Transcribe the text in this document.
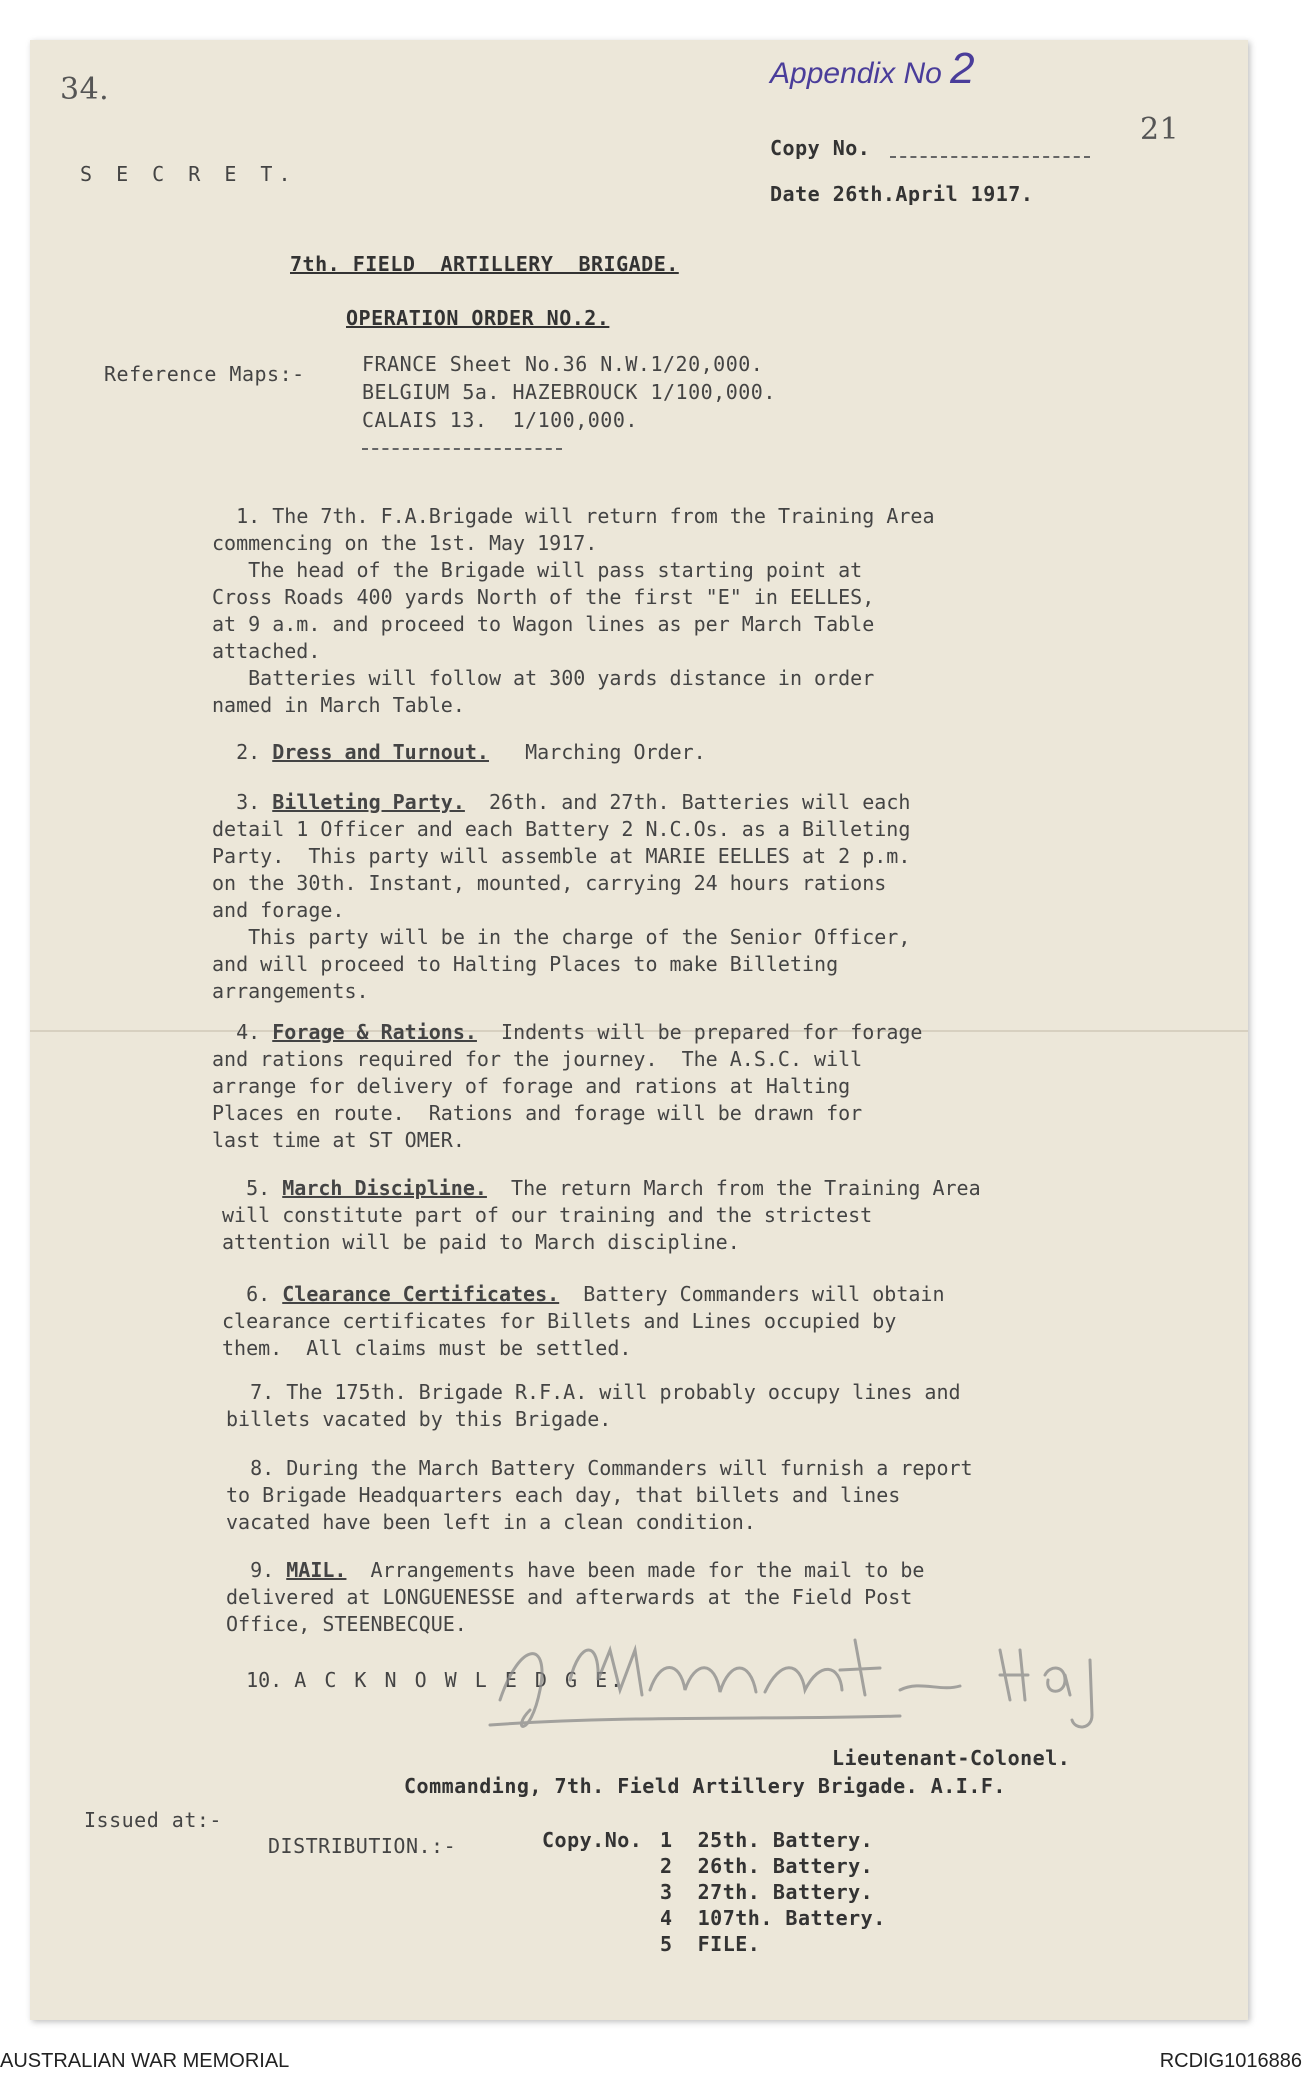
34.
21
Appendix No 2
S E C R E T.
Copy No.
Date 26th.April 1917.
7th. FIELD  ARTILLERY  BRIGADE.
OPERATION ORDER NO.2.
Reference Maps:-	FRANCE Sheet No.36 N.W.1/20,000.
BELGIUM 5a. HAZEBROUCK 1/100,000.
CALAIS 13.  1/100,000.

1. The 7th. F.A.Brigade will return from the Training Area
commencing on the 1st. May 1917.
The head of the Brigade will pass starting point at
Cross Roads 400 yards North of the first "E" in EELLES,
at 9 a.m. and proceed to Wagon lines as per March Table
attached.
Batteries will follow at 300 yards distance in order
named in March Table.

2. Dress and Turnout. Marching Order.

3. Billeting Party. 26th. and 27th. Batteries will each
detail 1 Officer and each Battery 2 N.C.Os. as a Billeting
Party.  This party will assemble at MARIE EELLES at 2 p.m.
on the 30th. Instant, mounted, carrying 24 hours rations
and forage.
This party will be in the charge of the Senior Officer,
and will proceed to Halting Places to make Billeting
arrangements.

4. Forage & Rations. Indents will be prepared for forage
and rations required for the journey.  The A.S.C. will
arrange for delivery of forage and rations at Halting
Places en route.  Rations and forage will be drawn for
last time at ST OMER.

5. March Discipline. The return March from the Training Area
will constitute part of our training and the strictest
attention will be paid to March discipline.

6. Clearance Certificates. Battery Commanders will obtain
clearance certificates for Billets and Lines occupied by
them.  All claims must be settled.

7. The 175th. Brigade R.F.A. will probably occupy lines and
billets vacated by this Brigade.

8. During the March Battery Commanders will furnish a report
to Brigade Headquarters each day, that billets and lines
vacated have been left in a clean condition.

9. MAIL. Arrangements have been made for the mail to be
delivered at LONGUENESSE and afterwards at the Field Post
Office, STEENBECQUE.

10. A C K N O W L E D G E.

Lieutenant-Colonel.
Commanding, 7th. Field Artillery Brigade. A.I.F.
Issued at:-
DISTRIBUTION.:-	Copy.No. 1 25th. Battery.
2 26th. Battery.
3 27th. Battery.
4 107th. Battery.
5 FILE.
AUSTRALIAN WAR MEMORIAL	RCDIG1016886
